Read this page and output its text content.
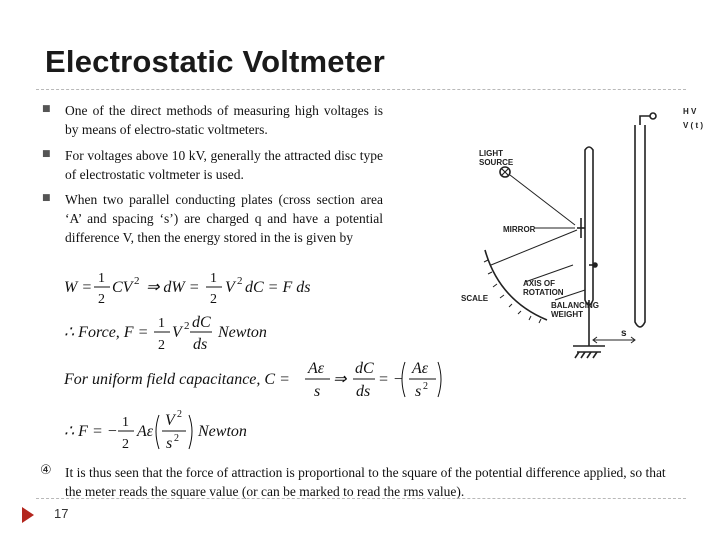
Electrostatic Voltmeter
■ One of the direct methods of measuring high voltages is by means of electro-static voltmeters.
■ For voltages above 10 kV, generally the attracted disc type of electrostatic voltmeter is used.
■ When two parallel conducting plates (cross section area ‘A’ and spacing ‘s’) are charged q and have a potential difference V, then the energy stored in the is given by
W =
1
2
CV 2 ⇒ dW =
1
2
V 2 dC = F ds
∴ Force, F =
1
2
V 2 dC
ds
Newton
For uniform field capacitance, C =
Aε
s
⇒
dC
ds
= −
Aε
s 2
∴ F = −
1
2
Aε
V 2
s 2 Newton
H V
V ( t )
LIGHT
SOURCE
MIRROR
AXIS OF
ROTATION
SCALE
BALANCING
WEIGHT
s
④ It is thus seen that the force of attraction is proportional to the square of the potential difference applied, so that the meter reads the square value (or can be marked to read the rms value).
17
